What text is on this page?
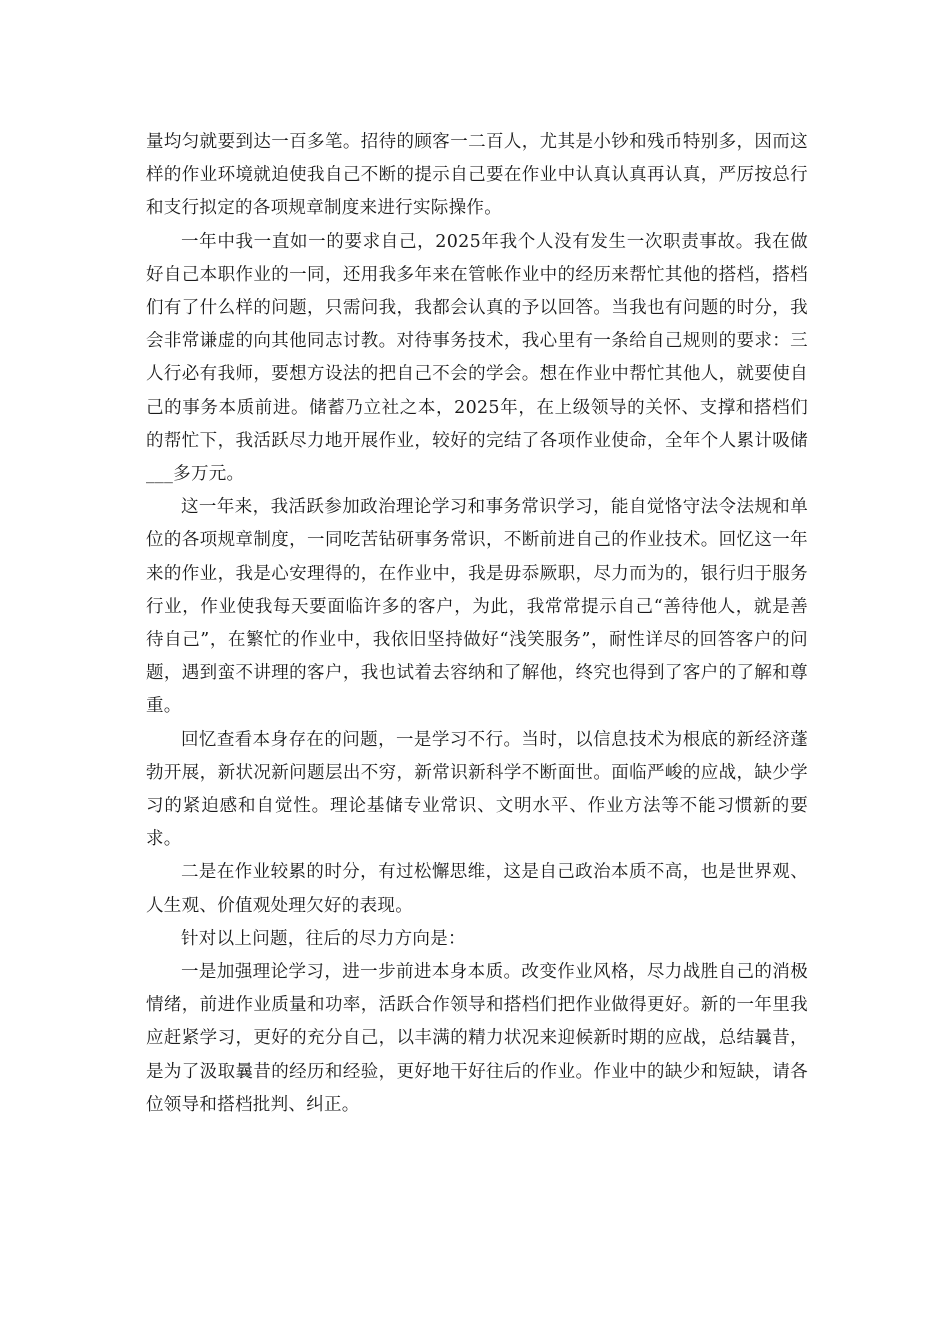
量均匀就要到达一百多笔。招待的顾客一二百人，尤其是小钞和残币特别多，因而这样的作业环境就迫使我自己不断的提示自己要在作业中认真认真再认真，严厉按总行和支行拟定的各项规章制度来进行实际操作。

一年中我一直如一的要求自己，2025年我个人没有发生一次职责事故。我在做好自己本职作业的一同，还用我多年来在管帐作业中的经历来帮忙其他的搭档，搭档们有了什么样的问题，只需问我，我都会认真的予以回答。当我也有问题的时分，我会非常谦虚的向其他同志讨教。对待事务技术，我心里有一条给自己规则的要求：三人行必有我师，要想方设法的把自己不会的学会。想在作业中帮忙其他人，就要使自己的事务本质前进。储蓄乃立社之本，2025年，在上级领导的关怀、支撑和搭档们的帮忙下，我活跃尽力地开展作业，较好的完结了各项作业使命，全年个人累计吸储___多万元。

这一年来，我活跃参加政治理论学习和事务常识学习，能自觉恪守法令法规和单位的各项规章制度，一同吃苦钻研事务常识，不断前进自己的作业技术。回忆这一年来的作业，我是心安理得的，在作业中，我是毋忝厥职，尽力而为的，银行归于服务行业，作业使我每天要面临许多的客户，为此，我常常提示自己“善待他人，就是善待自己”，在繁忙的作业中，我依旧坚持做好“浅笑服务”，耐性详尽的回答客户的问题，遇到蛮不讲理的客户，我也试着去容纳和了解他，终究也得到了客户的了解和尊重。

回忆查看本身存在的问题，一是学习不行。当时，以信息技术为根底的新经济蓬勃开展，新状况新问题层出不穷，新常识新科学不断面世。面临严峻的应战，缺少学习的紧迫感和自觉性。理论基储专业常识、文明水平、作业方法等不能习惯新的要求。

二是在作业较累的时分，有过松懈思维，这是自己政治本质不高，也是世界观、人生观、价值观处理欠好的表现。

针对以上问题，往后的尽力方向是：

一是加强理论学习，进一步前进本身本质。改变作业风格，尽力战胜自己的消极情绪，前进作业质量和功率，活跃合作领导和搭档们把作业做得更好。新的一年里我应赶紧学习，更好的充分自己，以丰满的精力状况来迎候新时期的应战，总结曩昔，是为了汲取曩昔的经历和经验，更好地干好往后的作业。作业中的缺少和短缺，请各位领导和搭档批判、纠正。
